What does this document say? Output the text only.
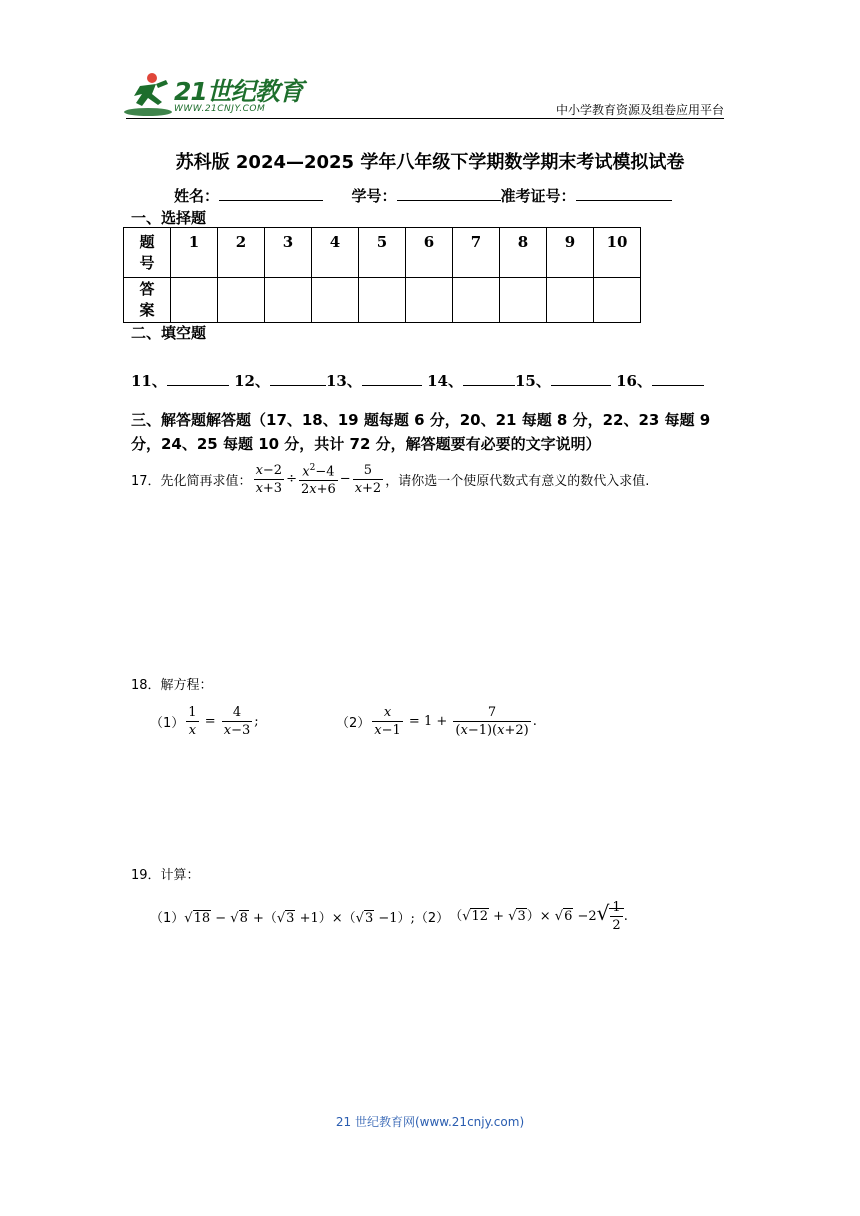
21世纪教育
WWW.21CNJY.COM	中小学教育资源及组卷应用平台
苏科版 2024—2025 学年八年级下学期数学期末考试模拟试卷
姓名：	学号：	准考证号：
一、选择题
题号	1	2	3	4	5	6	7	8	9	10
答案										
二、填空题
11、	12、	13、	14、	15、	16、
三、解答题解答题（17、18、19 题每题 6 分，20、21 每题 8 分，22、23 每题 9 分，24、25 每题 10 分，共计 72 分，解答题要有必要的文字说明）
17． 先化简再求值： $\frac{x-2}{x+3} \div \frac{x^2-4}{2x+6} - \frac{5}{x+2}$ ，请你选一个使原代数式有意义的数代入求值.
18．解方程：
$(1) \frac{1}{x} = \frac{4}{x-3}$ ;	$(2) \frac{x}{x-1} = 1 + \frac{7}{(x-1)(x+2)}$ .
19．计算：
（1） √18 − √8 +（√3 +1）×（√3 −1）; （2） $(√12 + √3)\times √6 -2√ \frac{1}{2}$ .
21 世纪教育网(www.21cnjy.com)
